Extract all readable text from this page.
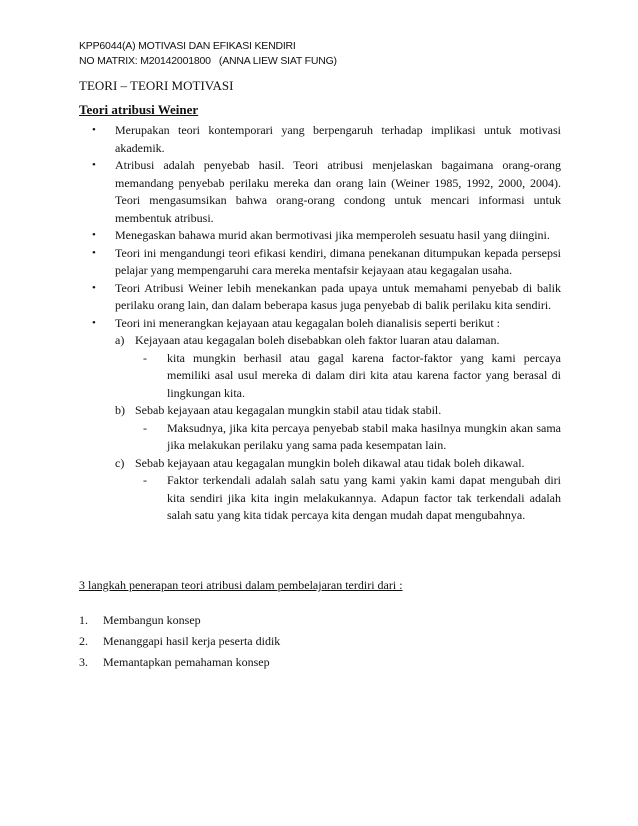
KPP6044(A) MOTIVASI DAN EFIKASI KENDIRI
NO MATRIX: M20142001800   (ANNA LIEW SIAT FUNG)
TEORI – TEORI MOTIVASI
Teori atribusi Weiner
• Merupakan teori kontemporari yang berpengaruh terhadap implikasi untuk motivasi akademik.
• Atribusi adalah penyebab hasil. Teori atribusi menjelaskan bagaimana orang-orang memandang penyebab perilaku mereka dan orang lain (Weiner 1985, 1992, 2000, 2004). Teori mengasumsikan bahwa orang-orang condong untuk mencari informasi untuk membentuk atribusi.
• Menegaskan bahawa murid akan bermotivasi jika memperoleh sesuatu hasil yang diingini.
• Teori ini mengandungi teori efikasi kendiri, dimana penekanan ditumpukan kepada persepsi pelajar yang mempengaruhi cara mereka mentafsir kejayaan atau kegagalan usaha.
• Teori Atribusi Weiner lebih menekankan pada upaya untuk memahami penyebab di balik perilaku orang lain, dan dalam beberapa kasus juga penyebab di balik perilaku kita sendiri.
• Teori ini menerangkan kejayaan atau kegagalan boleh dianalisis seperti berikut :
a) Kejayaan atau kegagalan boleh disebabkan oleh faktor luaran atau dalaman.
- kita mungkin berhasil atau gagal karena factor-faktor yang kami percaya memiliki asal usul mereka di dalam diri kita atau karena factor yang berasal di lingkungan kita.
b) Sebab kejayaan atau kegagalan mungkin stabil atau tidak stabil.
- Maksudnya, jika kita percaya penyebab stabil maka hasilnya mungkin akan sama jika melakukan perilaku yang sama pada kesempatan lain.
c) Sebab kejayaan atau kegagalan mungkin boleh dikawal atau tidak boleh dikawal.
- Faktor terkendali adalah salah satu yang kami yakin kami dapat mengubah diri kita sendiri jika kita ingin melakukannya. Adapun factor tak terkendali adalah salah satu yang kita tidak percaya kita dengan mudah dapat mengubahnya.
3 langkah penerapan teori atribusi dalam pembelajaran terdiri dari :
1. Membangun konsep
2. Menanggapi hasil kerja peserta didik
3. Memantapkan pemahaman konsep
